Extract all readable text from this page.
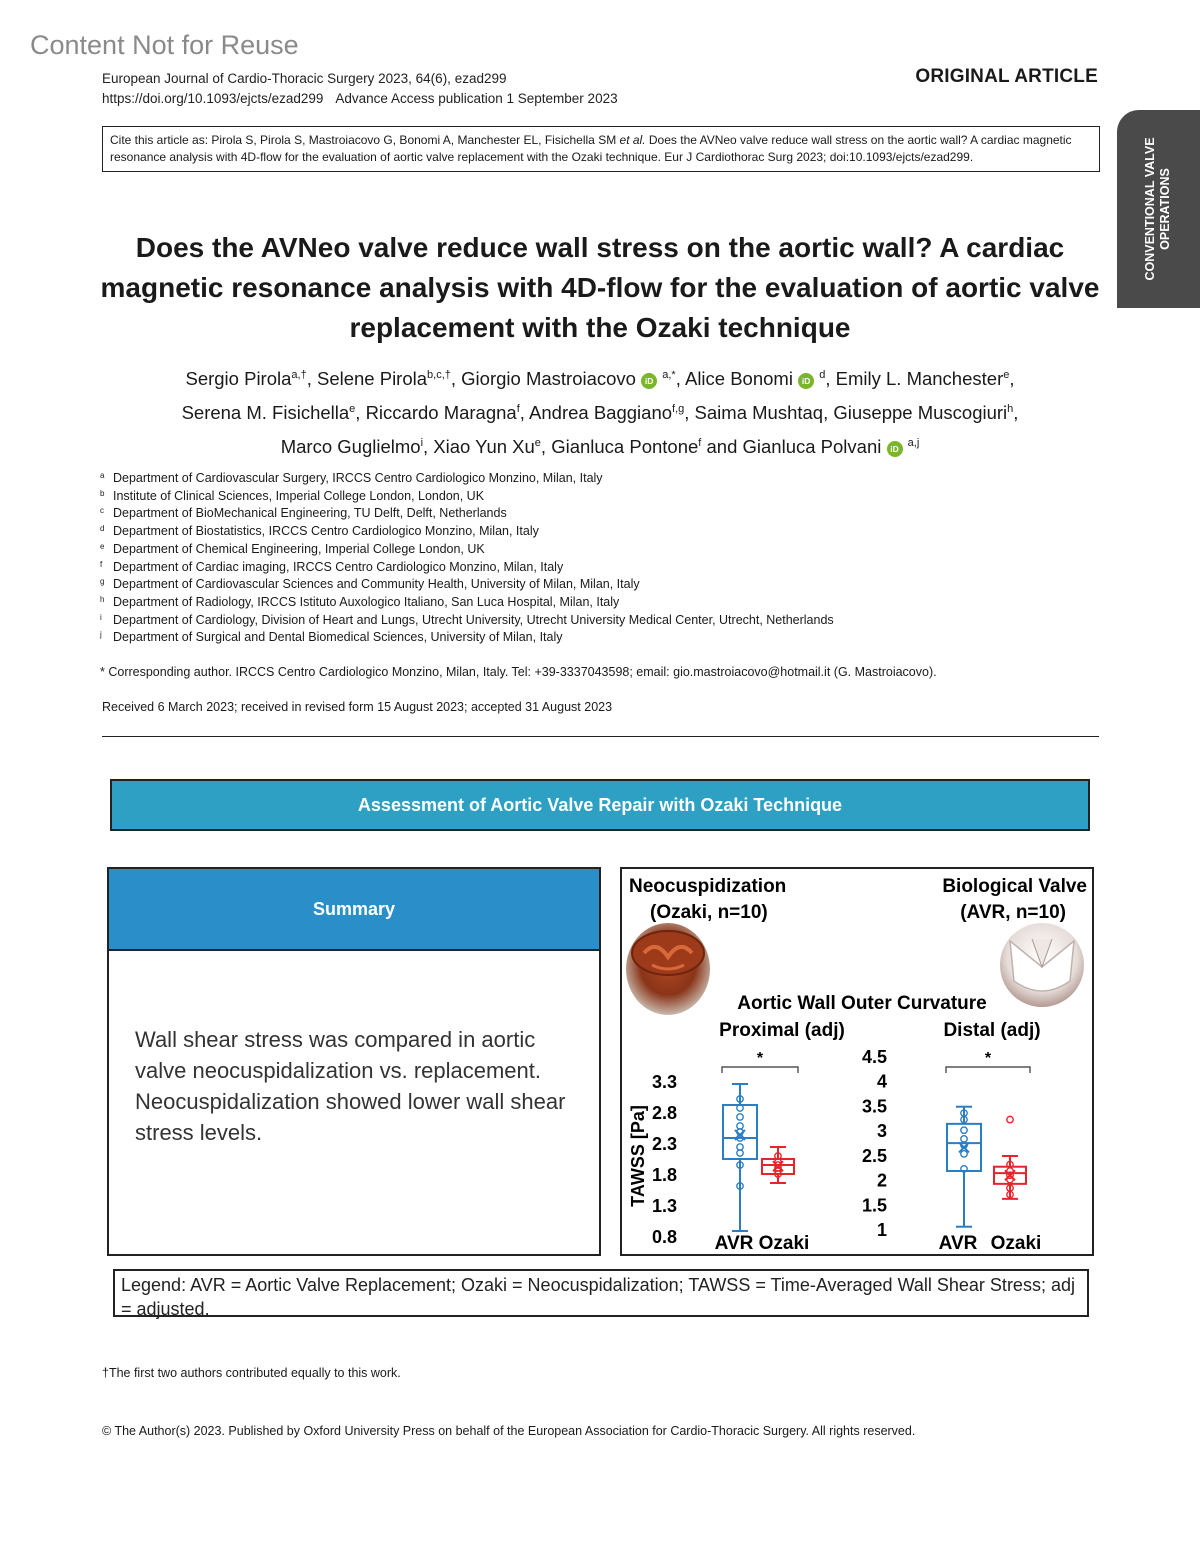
Content Not for Reuse
European Journal of Cardio-Thoracic Surgery 2023, 64(6), ezad299
https://doi.org/10.1093/ejcts/ezad299 Advance Access publication 1 September 2023
ORIGINAL ARTICLE
CONVENTIONAL VALVE OPERATIONS
Cite this article as: Pirola S, Pirola S, Mastroiacovo G, Bonomi A, Manchester EL, Fisichella SM et al. Does the AVNeo valve reduce wall stress on the aortic wall? A cardiac magnetic resonance analysis with 4D-flow for the evaluation of aortic valve replacement with the Ozaki technique. Eur J Cardiothorac Surg 2023; doi:10.1093/ejcts/ezad299.
Does the AVNeo valve reduce wall stress on the aortic wall? A cardiac magnetic resonance analysis with 4D-flow for the evaluation of aortic valve replacement with the Ozaki technique
Sergio Pirola$^{a,\dagger}$, Selene Pirola$^{b,c,\dagger}$, Giorgio Mastroiacovo iD $^{a,*}$, Alice Bonomi iD $^d$, Emily L. Manchester$^e$,
Serena M. Fisichella$^e$, Riccardo Maragna$^f$, Andrea Baggiano$^{f,g}$, Saima Mushtaq, Giuseppe Muscogiuri$^h$,
Marco Guglielmo$^i$, Xiao Yun Xu$^e$, Gianluca Pontone$^f$ and Gianluca Polvani iD $^{a,j}$
a Department of Cardiovascular Surgery, IRCCS Centro Cardiologico Monzino, Milan, Italy
b Institute of Clinical Sciences, Imperial College London, London, UK
c Department of BioMechanical Engineering, TU Delft, Delft, Netherlands
d Department of Biostatistics, IRCCS Centro Cardiologico Monzino, Milan, Italy
e Department of Chemical Engineering, Imperial College London, UK
f Department of Cardiac imaging, IRCCS Centro Cardiologico Monzino, Milan, Italy
g Department of Cardiovascular Sciences and Community Health, University of Milan, Milan, Italy
h Department of Radiology, IRCCS Istituto Auxologico Italiano, San Luca Hospital, Milan, Italy
i Department of Cardiology, Division of Heart and Lungs, Utrecht University, Utrecht University Medical Center, Utrecht, Netherlands
j Department of Surgical and Dental Biomedical Sciences, University of Milan, Italy
* Corresponding author. IRCCS Centro Cardiologico Monzino, Milan, Italy. Tel: +39-3337043598; email: gio.mastroiacovo@hotmail.it (G. Mastroiacovo).
Received 6 March 2023; received in revised form 15 August 2023; accepted 31 August 2023
Assessment of Aortic Valve Repair with Ozaki Technique
Summary
Wall shear stress was compared in aortic valve neocuspidalization vs. replacement. Neocuspidalization showed lower wall shear stress levels.
Neocuspidization
(Ozaki, n=10)
Biological Valve
(AVR, n=10)
Aortic Wall Outer Curvature
Proximal (adj)
3.3
2.8
2.3
1.8
1.3
0.8
TAWSS [Pa]
*
AVR Ozaki
Distal (adj)
4.5
4
3.5
3
2.5
2
1.5
1
*
AVR Ozaki
Legend: AVR = Aortic Valve Replacement; Ozaki = Neocuspidalization; TAWSS = Time-Averaged Wall Shear Stress; adj = adjusted.
†The first two authors contributed equally to this work.
© The Author(s) 2023. Published by Oxford University Press on behalf of the European Association for Cardio-Thoracic Surgery. All rights reserved.
